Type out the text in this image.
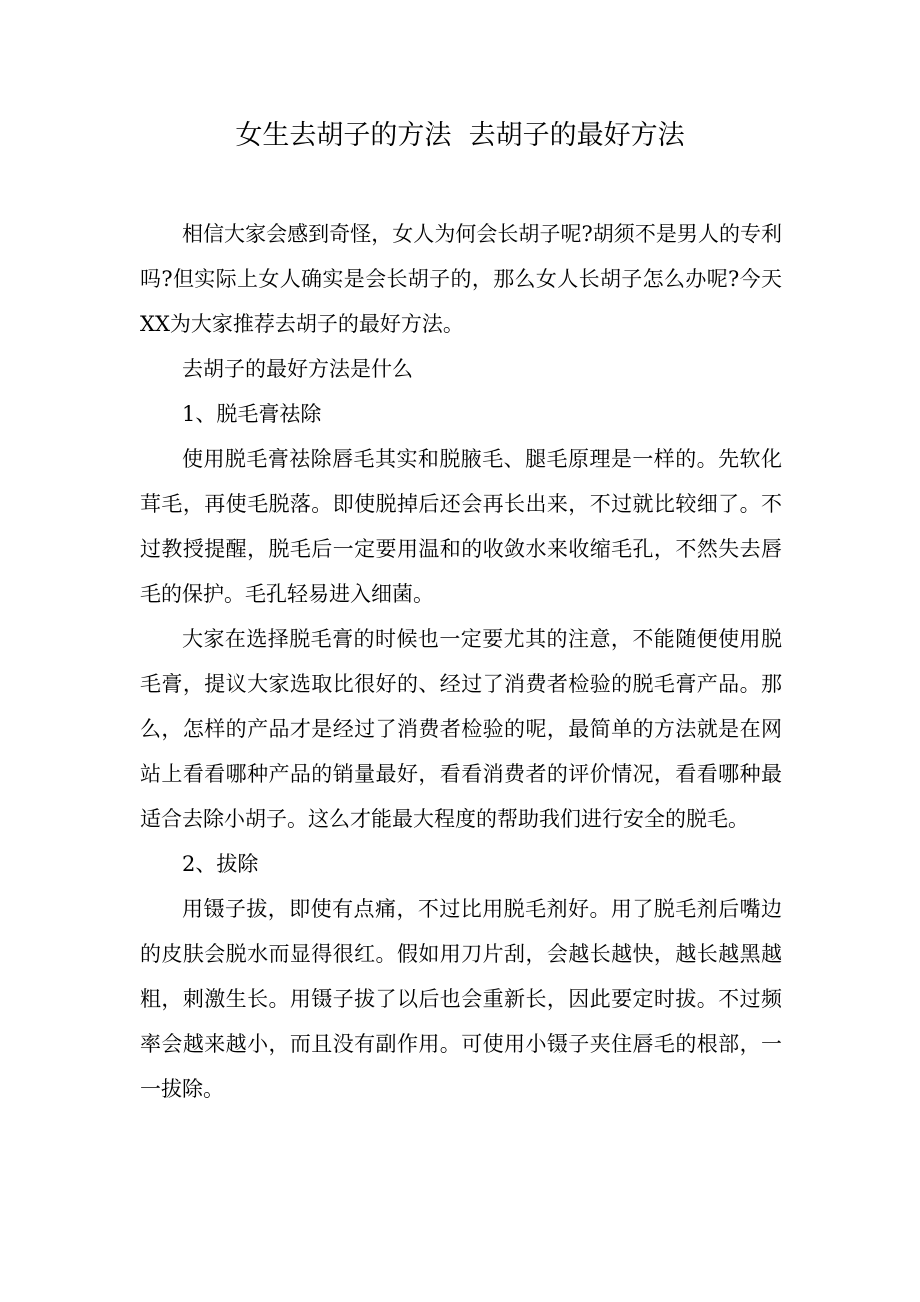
女生去胡子的方法  去胡子的最好方法

相信大家会感到奇怪，女人为何会长胡子呢?胡须不是男人的专利吗?但实际上女人确实是会长胡子的，那么女人长胡子怎么办呢?今天XX为大家推荐去胡子的最好方法。

去胡子的最好方法是什么

1、脱毛膏祛除

使用脱毛膏祛除唇毛其实和脱腋毛、腿毛原理是一样的。先软化茸毛，再使毛脱落。即使脱掉后还会再长出来，不过就比较细了。不过教授提醒，脱毛后一定要用温和的收敛水来收缩毛孔，不然失去唇毛的保护。毛孔轻易进入细菌。

大家在选择脱毛膏的时候也一定要尤其的注意，不能随便使用脱毛膏，提议大家选取比很好的、经过了消费者检验的脱毛膏产品。那么，怎样的产品才是经过了消费者检验的呢，最简单的方法就是在网站上看看哪种产品的销量最好，看看消费者的评价情况，看看哪种最适合去除小胡子。这么才能最大程度的帮助我们进行安全的脱毛。

2、拔除

用镊子拔，即使有点痛，不过比用脱毛剂好。用了脱毛剂后嘴边的皮肤会脱水而显得很红。假如用刀片刮，会越长越快，越长越黑越粗，刺激生长。用镊子拔了以后也会重新长，因此要定时拔。不过频率会越来越小，而且没有副作用。可使用小镊子夹住唇毛的根部，一一拔除。
